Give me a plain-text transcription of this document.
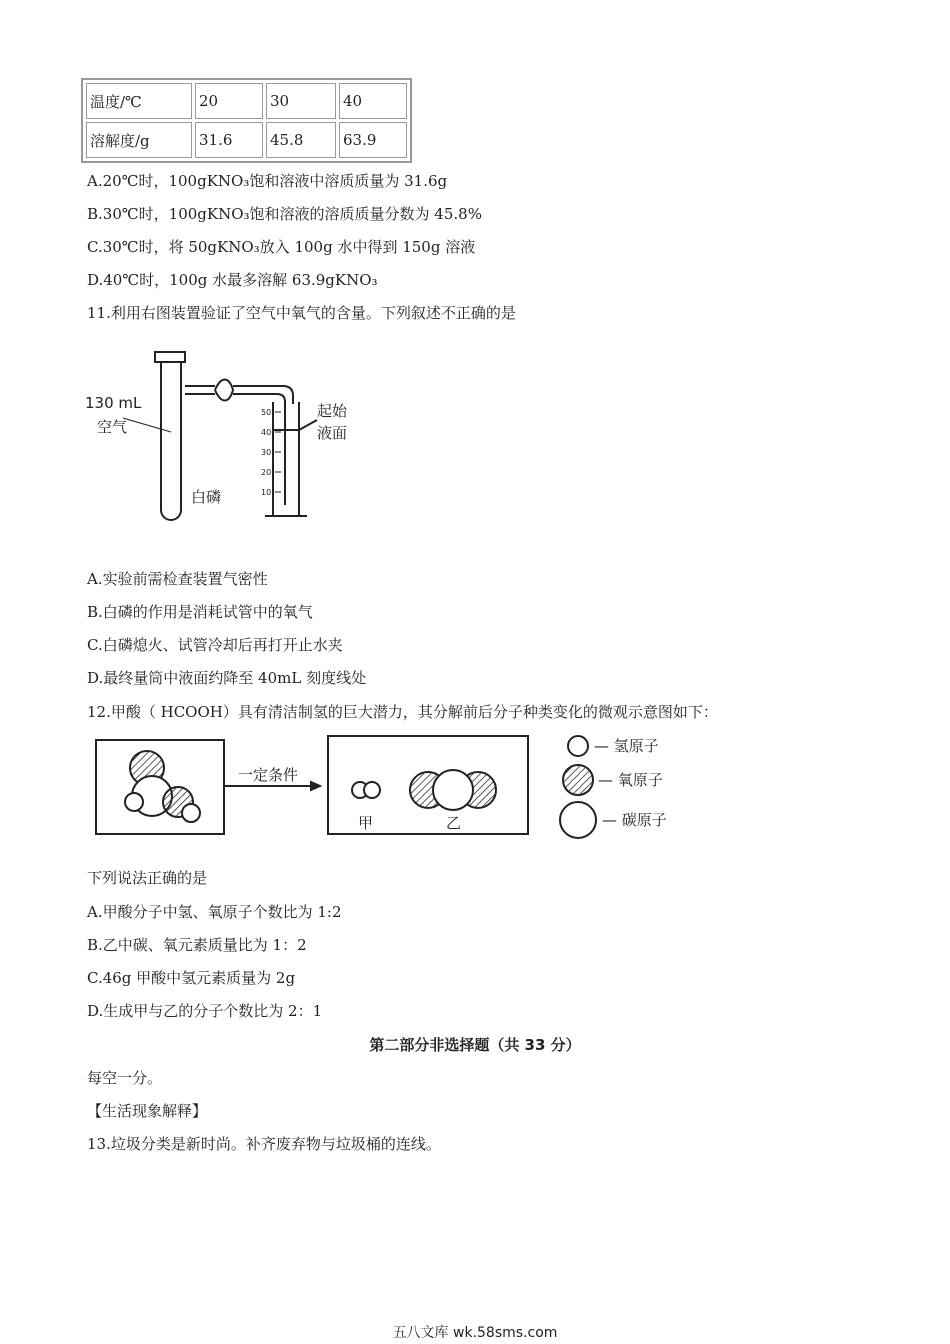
温度/℃	20	30	40
溶解度/g	31.6	45.8	63.9
A.20℃时，100gKNO₃饱和溶液中溶质质量为 31.6g
B.30℃时，100gKNO₃饱和溶液的溶质质量分数为 45.8%
C.30℃时，将 50gKNO₃放入 100g 水中得到 150g 溶液
D.40℃时，100g 水最多溶解 63.9gKNO₃
11.利用右图装置验证了空气中氧气的含量。下列叙述不正确的是
130 mL
空气
白磷
起始
液面
50
40
30
20
10
A.实验前需检查装置气密性
B.白磷的作用是消耗试管中的氧气
C.白磷熄火、试管冷却后再打开止水夹
D.最终量筒中液面约降至 40mL 刻度线处
12.甲酸（ HCOOH）具有清洁制氢的巨大潜力，其分解前后分子种类变化的微观示意图如下：
一定条件
甲	乙
— 氢原子
— 氧原子
— 碳原子
下列说法正确的是
A.甲酸分子中氢、氧原子个数比为 1:2
B.乙中碳、氧元素质量比为 1：2
C.46g 甲酸中氢元素质量为 2g
D.生成甲与乙的分子个数比为 2：1
第二部分非选择题（共 33 分）
每空一分。
【生活现象解释】
13.垃圾分类是新时尚。补齐废弃物与垃圾桶的连线。
五八文库 wk.58sms.com
